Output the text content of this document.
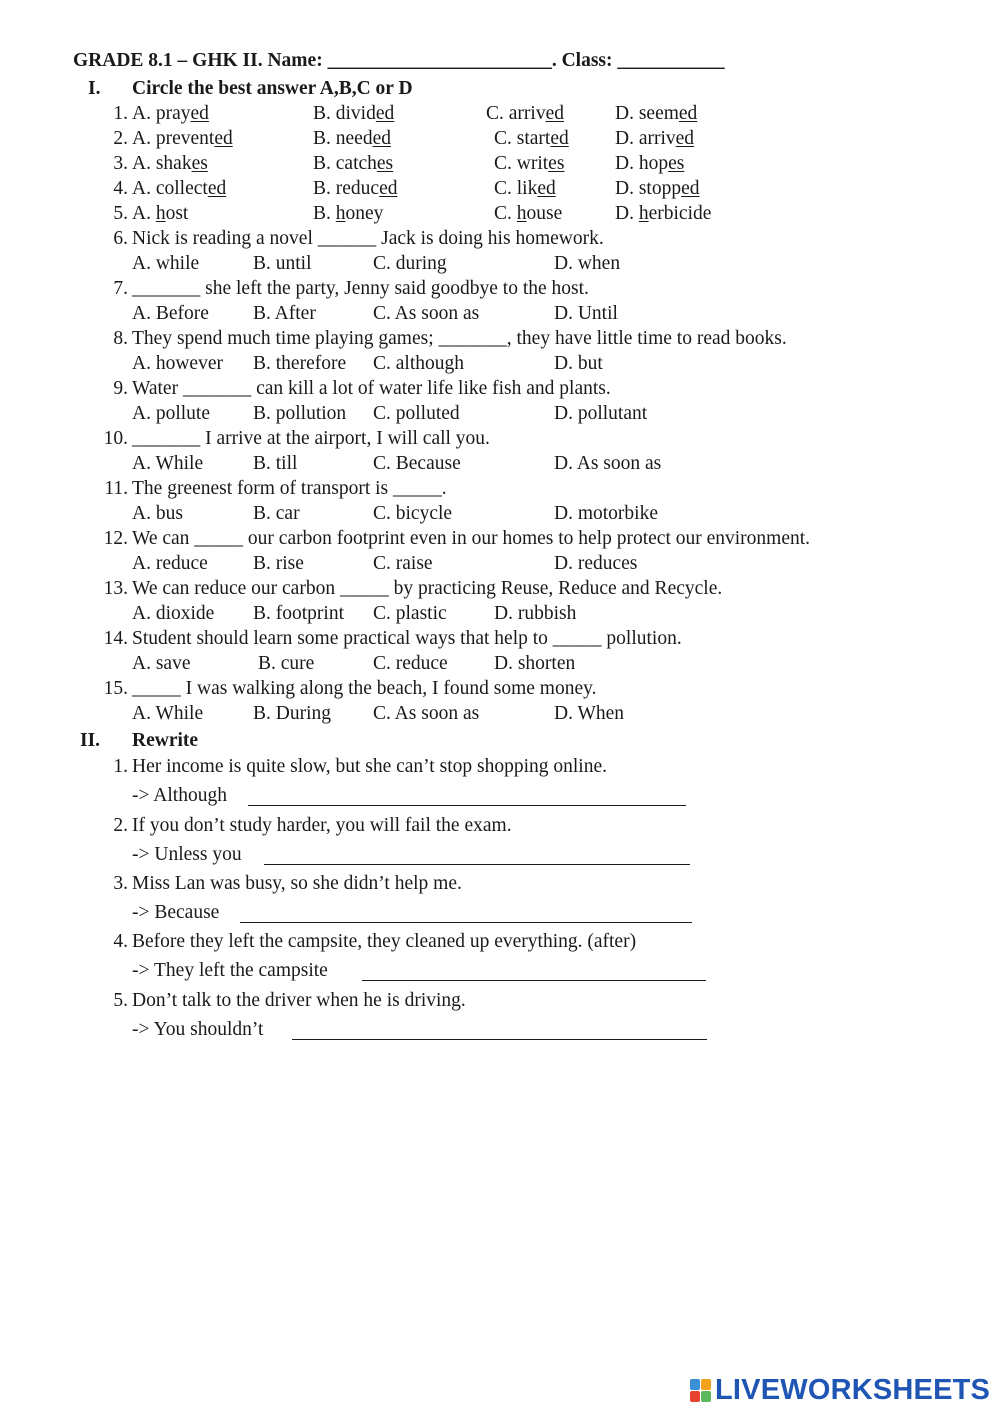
GRADE 8.1 – GHK II. Name: _______________________. Class: ___________
I. Circle the best answer A,B,C or D
1. A. prayed	B. divided	C. arrived	D. seemed
2. A. prevented	B. needed	C. started D. arrived
3. A. shakes	B. catches	C. writes	D. hopes
4. A. collected	B. reduced	C. liked	D. stopped
5. A. host	B. honey	C. house	D. herbicide
6. Nick is reading a novel ______ Jack is doing his homework.
A. while	B. until	C. during	D. when
7. _______ she left the party, Jenny said goodbye to the host.
A. Before B. After	C. As soon as	D. Until
8. They spend much time playing games; _______, they have little time to read books.
A. however B. therefore C. although	D. but
9. Water _______ can kill a lot of water life like fish and plants.
A. pollute B. pollution C. polluted	D. pollutant
10. _______ I arrive at the airport, I will call you.
A. While	B. till	C. Because	D. As soon as
11. The greenest form of transport is _____.
A. bus	B. car	C. bicycle	D. motorbike
12. We can _____ our carbon footprint even in our homes to help protect our environment.
A. reduce B. rise	C. raise	D. reduces
13. We can reduce our carbon _____ by practicing Reuse, Reduce and Recycle.
A. dioxide B. footprint C. plastic D. rubbish
14. Student should learn some practical ways that help to _____ pollution.
A. save	B. cure	C. reduce D. shorten
15. _____ I was walking along the beach, I found some money.
A. While	B. During C. As soon as	D. When
II. Rewrite
1. Her income is quite slow, but she can’t stop shopping online.
-> Although
2. If you don’t study harder, you will fail the exam.
-> Unless you
3. Miss Lan was busy, so she didn’t help me.
-> Because
4. Before they left the campsite, they cleaned up everything. (after)
-> They left the campsite
5. Don’t talk to the driver when he is driving.
-> You shouldn’t
LIVEWORKSHEETS
